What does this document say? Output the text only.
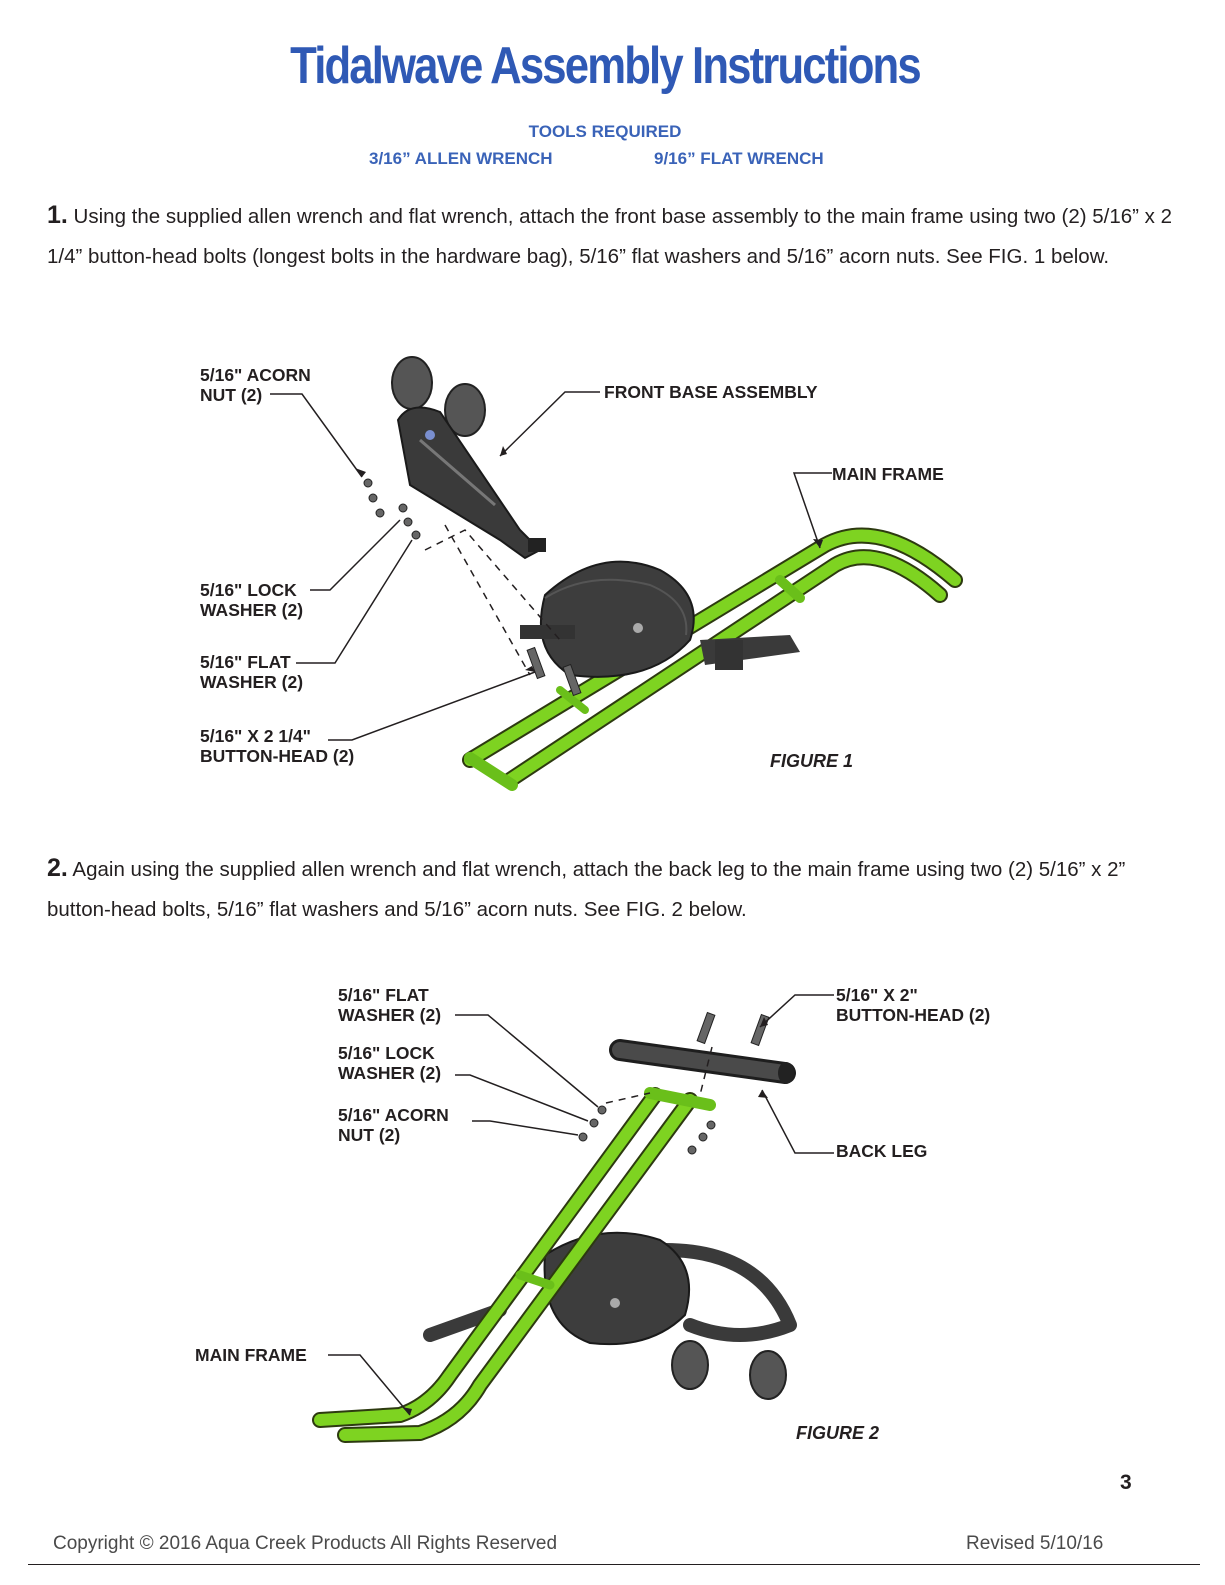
Tidalwave Assembly Instructions
TOOLS REQUIRED
3/16” ALLEN WRENCH	9/16” FLAT WRENCH
1. Using the supplied allen wrench and flat wrench, attach the front base assembly to the main frame using two (2) 5/16” x 2 1/4” button-head bolts (longest bolts in the hardware bag), 5/16” flat washers and 5/16” acorn nuts. See FIG. 1 below.
5/16" ACORN
NUT (2)	FRONT BASE ASSEMBLY
MAIN FRAME
5/16" LOCK
WASHER (2)
5/16" FLAT
WASHER (2)
5/16" X 2 1/4"
BUTTON-HEAD (2)	FIGURE 1
2. Again using the supplied allen wrench and flat wrench, attach the back leg to the main frame using two (2) 5/16” x 2” button-head bolts, 5/16” flat washers and 5/16” acorn nuts. See FIG. 2 below.
5/16" FLAT
WASHER (2)
5/16" LOCK
WASHER (2)
5/16" ACORN
NUT (2)
5/16" X 2"
BUTTON-HEAD (2)
BACK LEG
MAIN FRAME
FIGURE 2
3
Copyright © 2016 Aqua Creek Products All Rights Reserved	Revised 5/10/16
